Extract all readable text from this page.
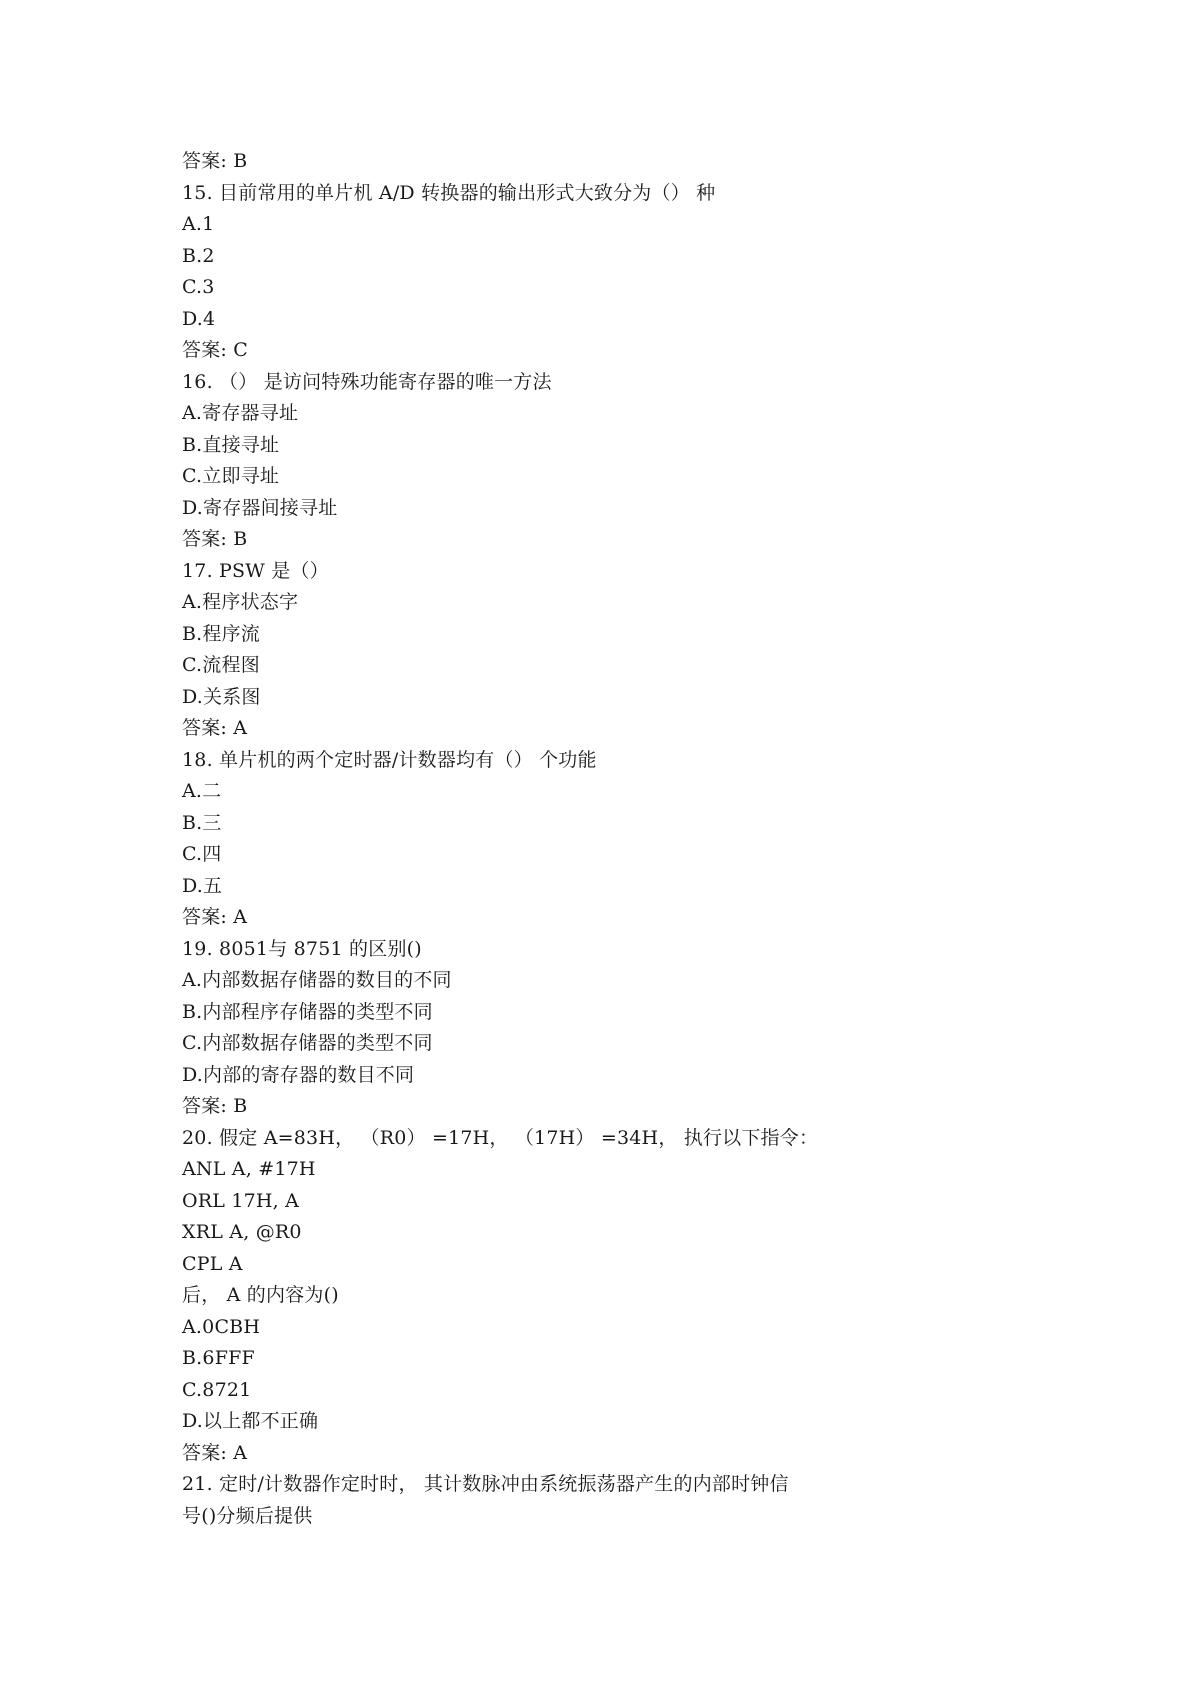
答案: B
15. 目前常用的单片机 A/D 转换器的输出形式大致分为（） 种
A.1
B.2
C.3
D.4
答案: C
16. （） 是访问特殊功能寄存器的唯一方法
A.寄存器寻址
B.直接寻址
C.立即寻址
D.寄存器间接寻址
答案: B
17. PSW 是（）
A.程序状态字
B.程序流
C.流程图
D.关系图
答案: A
18. 单片机的两个定时器/计数器均有（） 个功能
A.二
B.三
C.四
D.五
答案: A
19. 8051与 8751 的区别()
A.内部数据存储器的数目的不同
B.内部程序存储器的类型不同
C.内部数据存储器的类型不同
D.内部的寄存器的数目不同
答案: B
20. 假定 A=83H， （R0） =17H， （17H） =34H， 执行以下指令：
ANL A, #17H
ORL 17H, A
XRL A, @R0
CPL A
后， A 的内容为()
A.0CBH
B.6FFF
C.8721
D.以上都不正确
答案: A
21. 定时/计数器作定时时， 其计数脉冲由系统振荡器产生的内部时钟信
号()分频后提供
